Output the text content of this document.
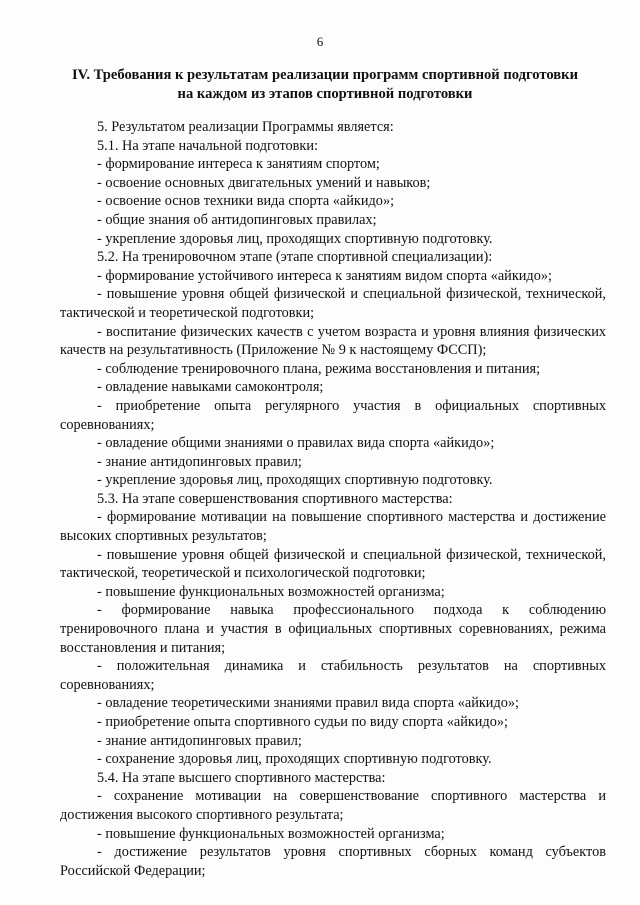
6
IV. Требования к результатам реализации программ спортивной подготовки
на каждом из этапов спортивной подготовки

5. Результатом реализации Программы является:

5.1. На этапе начальной подготовки:

- формирование интереса к занятиям спортом;

- освоение основных двигательных умений и навыков;

- освоение основ техники вида спорта «айкидо»;

- общие знания об антидопинговых правилах;

- укрепление здоровья лиц, проходящих спортивную подготовку.

5.2. На тренировочном этапе (этапе спортивной специализации):

- формирование устойчивого интереса к занятиям видом спорта «айкидо»;

- повышение уровня общей физической и специальной физической, технической, тактической и теоретической подготовки;

- воспитание физических качеств с учетом возраста и уровня влияния физических качеств на результативность (Приложение № 9 к настоящему ФССП);

- соблюдение тренировочного плана, режима восстановления и питания;

- овладение навыками самоконтроля;

- приобретение опыта регулярного участия в официальных спортивных соревнованиях;

- овладение общими знаниями о правилах вида спорта «айкидо»;

- знание антидопинговых правил;

- укрепление здоровья лиц, проходящих спортивную подготовку.

5.3. На этапе совершенствования спортивного мастерства:

- формирование мотивации на повышение спортивного мастерства и достижение высоких спортивных результатов;

- повышение уровня общей физической и специальной физической, технической, тактической, теоретической и психологической подготовки;

- повышение функциональных возможностей организма;

- формирование навыка профессионального подхода к соблюдению тренировочного плана и участия в официальных спортивных соревнованиях, режима восстановления и питания;

- положительная динамика и стабильность результатов на спортивных соревнованиях;

- овладение теоретическими знаниями правил вида спорта «айкидо»;

- приобретение опыта спортивного судьи по виду спорта «айкидо»;

- знание антидопинговых правил;

- сохранение здоровья лиц, проходящих спортивную подготовку.

5.4. На этапе высшего спортивного мастерства:

- сохранение мотивации на совершенствование спортивного мастерства и достижения высокого спортивного результата;

- повышение функциональных возможностей организма;

- достижение результатов уровня спортивных сборных команд субъектов Российской Федерации;
